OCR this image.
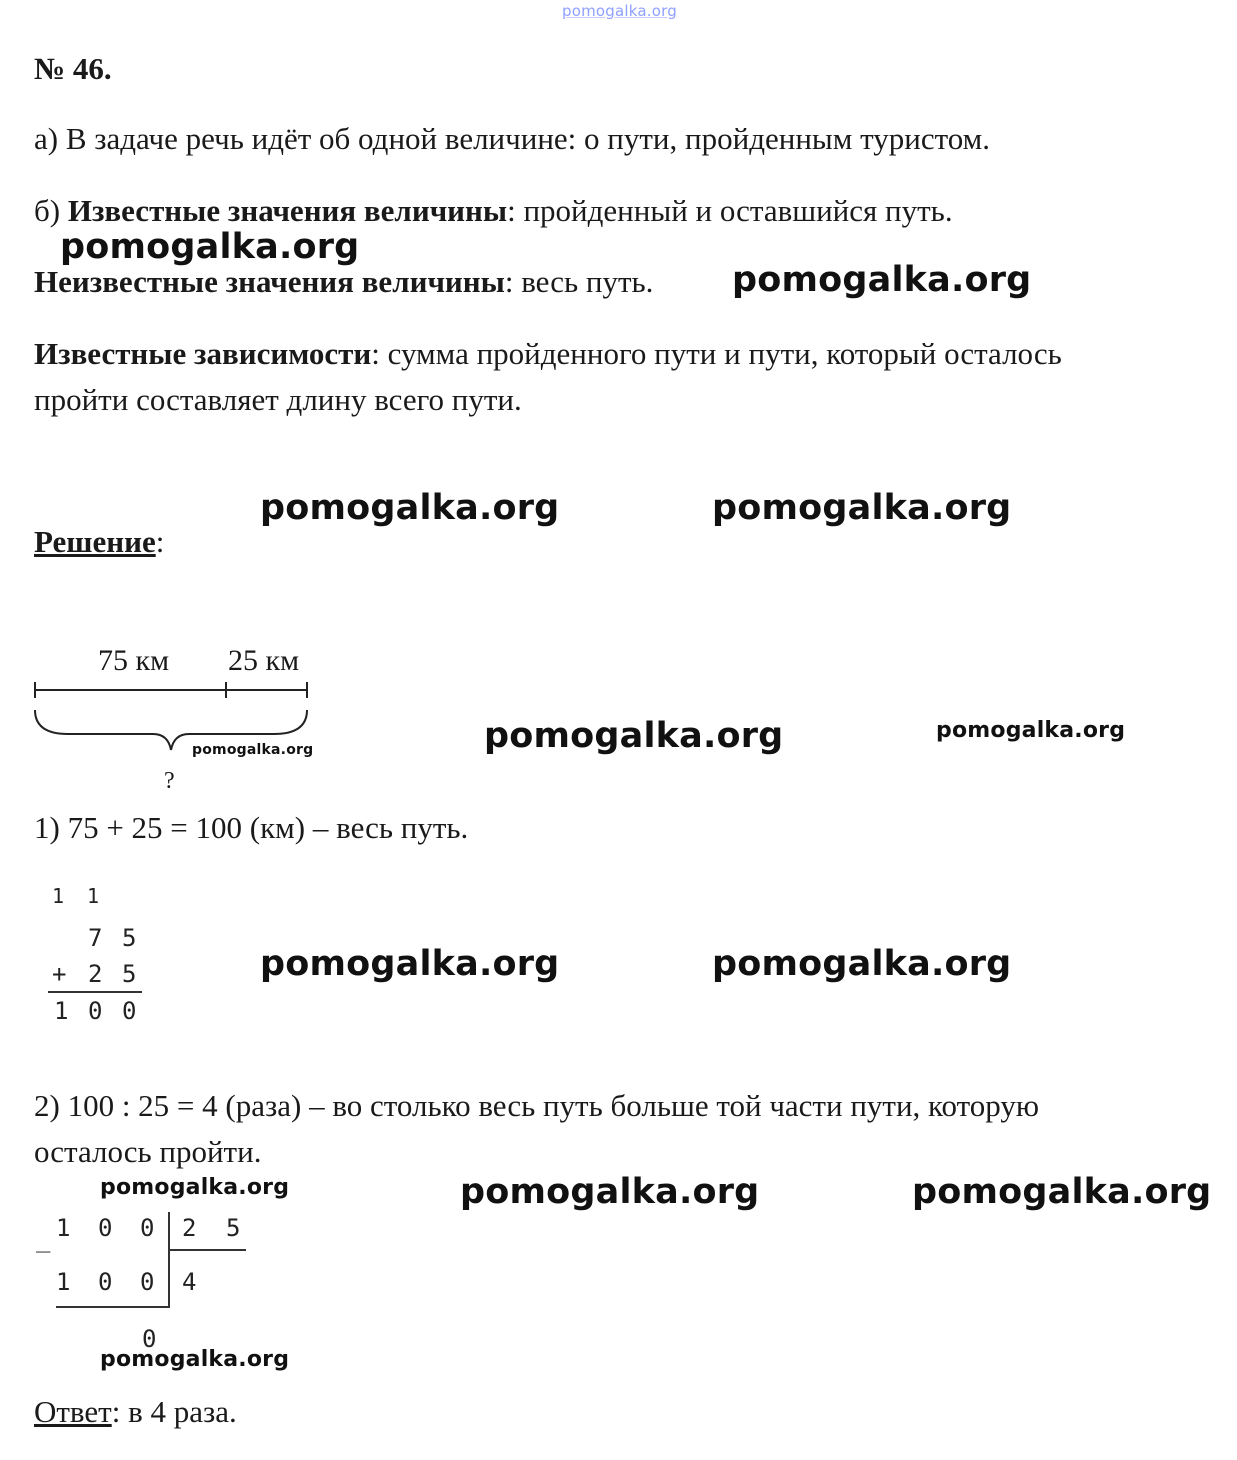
pomogalka.org
№ 46.
а) В задаче речь идёт об одной величине: о пути, пройденным туристом.
б) Известные значения величины: пройденный и оставшийся путь.
pomogalka.org
Неизвестные значения величины: весь путь. pomogalka.org
Известные зависимости: сумма пройденного пути и пути, который осталось
пройти составляет длину всего пути.
pomogalka.org	pomogalka.org
Решение:
75 км 25 км
?
pomogalka.org	pomogalka.org	pomogalka.org
1) 75 + 25 = 100 (км) – весь путь.
1 1
7 5
+ 2 5
1 0 0
pomogalka.org	pomogalka.org
2) 100 : 25 = 4 (раза) – во столько весь путь больше той части пути, которую
осталось пройти.
pomogalka.org	pomogalka.org	pomogalka.org
_ 1 0 0 2 5
1 0 0 4
0
pomogalka.org
Ответ: в 4 раза.
